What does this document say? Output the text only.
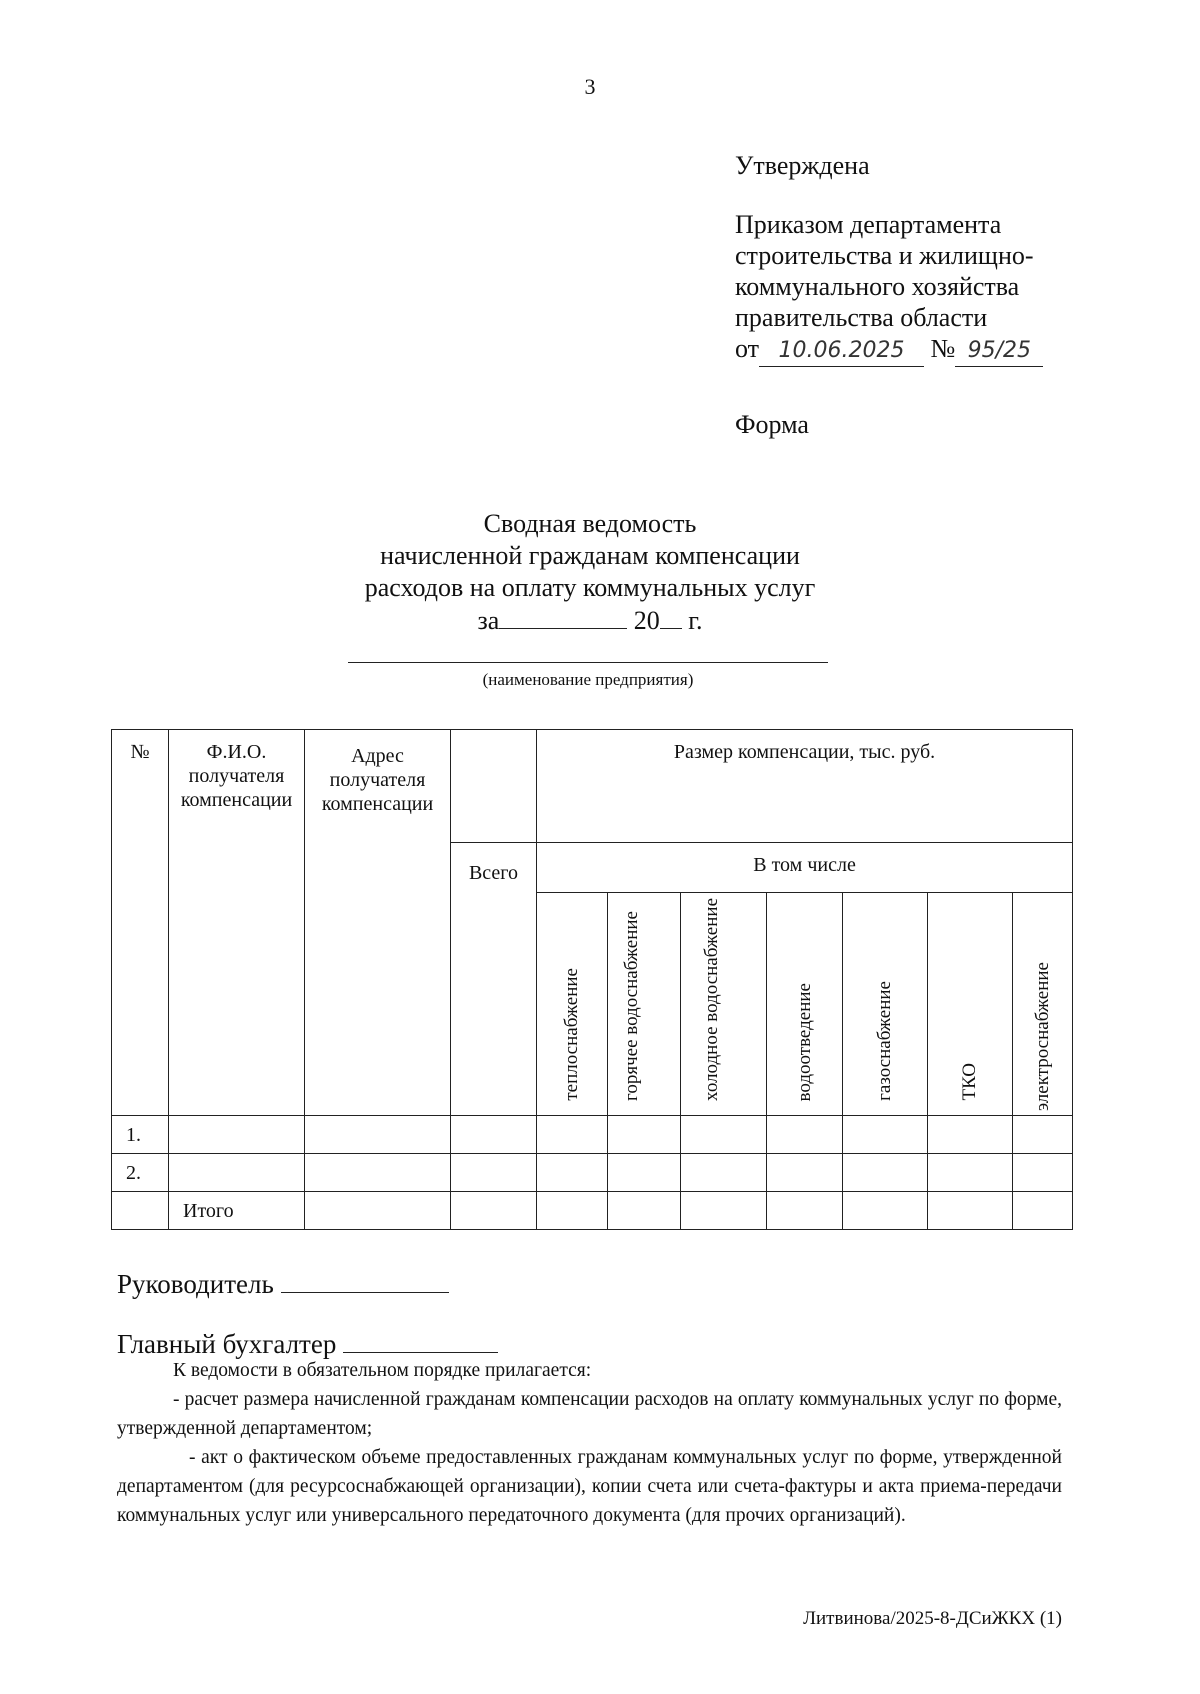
3
Утверждена
Приказом департамента
строительства и жилищно-
коммунального хозяйства
правительства области
от 10.06.2025 № 95/25
Форма
Сводная ведомость
начисленной гражданам компенсации
расходов на оплату коммунальных услуг
за	20 г.
(наименование предприятия)
№	Ф.И.О. получателя компенсации	Адрес получателя компенсации		Размер компенсации, тыс. руб.						
			Всего	В том числе						

				теплоснабжение	горячее водоснабжение	холодное водоснабжение	водоотведение	газоснабжение	ТКО	электроснабжение

1.										
2.										
	Итого									
Руководитель
Главный бухгалтер

К ведомости в обязательном порядке прилагается:

- расчет размера начисленной гражданам компенсации расходов на оплату коммунальных услуг по форме, утвержденной департаментом;

- акт о фактическом объеме предоставленных гражданам коммунальных услуг по форме, утвержденной департаментом (для ресурсоснабжающей организации), копии счета или счета-фактуры и акта приема-передачи коммунальных услуг или универсального передаточного документа (для прочих организаций).

Литвинова/2025-8-ДСиЖКХ (1)
